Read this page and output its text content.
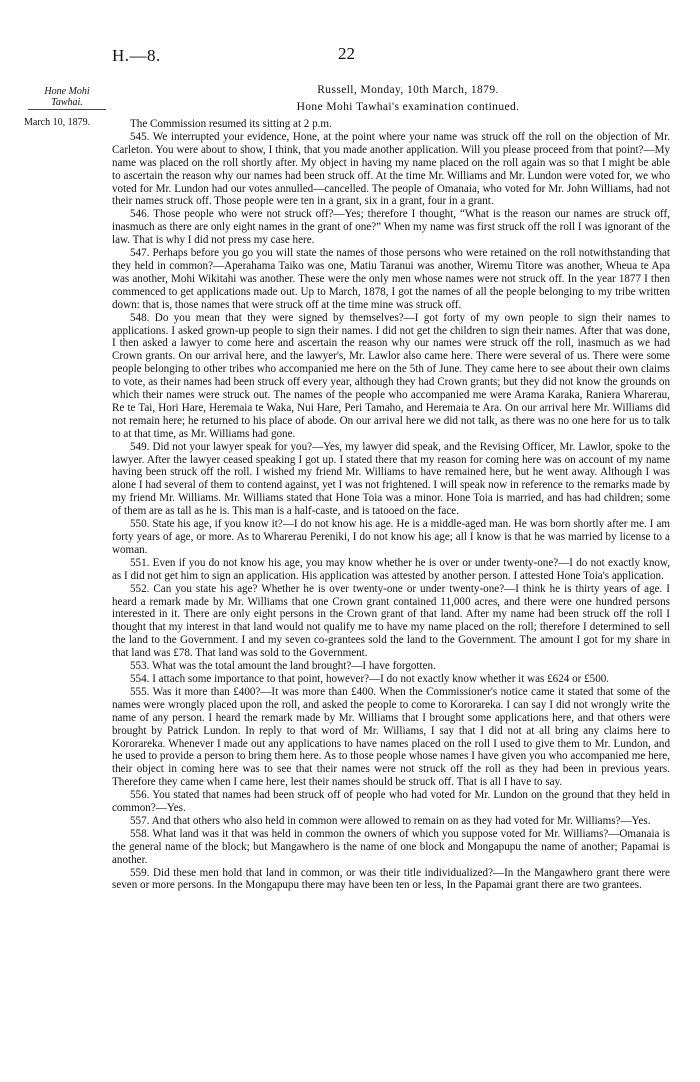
H.—8.	22
Hone Mohi Tawhai.
March 10, 1879.
Russell, Monday, 10th March, 1879.
Hone Mohi Tawhai's examination continued.

The Commission resumed its sitting at 2 p.m.

545. We interrupted your evidence, Hone, at the point where your name was struck off the roll on the objection of Mr. Carleton. You were about to show, I think, that you made another application. Will you please proceed from that point?—My name was placed on the roll shortly after. My object in having my name placed on the roll again was so that I might be able to ascertain the reason why our names had been struck off. At the time Mr. Williams and Mr. Lundon were voted for, we who voted for Mr. Lundon had our votes annulled—cancelled. The people of Omanaia, who voted for Mr. John Williams, had not their names struck off. Those people were ten in a grant, six in a grant, four in a grant.

546. Those people who were not struck off?—Yes; therefore I thought, “What is the reason our names are struck off, inasmuch as there are only eight names in the grant of one?” When my name was first struck off the roll I was ignorant of the law. That is why I did not press my case here.

547. Perhaps before you go you will state the names of those persons who were retained on the roll notwithstanding that they held in common?—Aperahama Taiko was one, Matiu Taranui was another, Wiremu Titore was another, Wheua te Apa was another, Mohi Wikitahi was another. These were the only men whose names were not struck off. In the year 1877 I then commenced to get applications made out. Up to March, 1878, I got the names of all the people belonging to my tribe written down: that is, those names that were struck off at the time mine was struck off.

548. Do you mean that they were signed by themselves?—I got forty of my own people to sign their names to applications. I asked grown-up people to sign their names. I did not get the children to sign their names. After that was done, I then asked a lawyer to come here and ascertain the reason why our names were struck off the roll, inasmuch as we had Crown grants. On our arrival here, and the lawyer's, Mr. Lawlor also came here. There were several of us. There were some people belonging to other tribes who accompanied me here on the 5th of June. They came here to see about their own claims to vote, as their names had been struck off every year, although they had Crown grants; but they did not know the grounds on which their names were struck out. The names of the people who accompanied me were Arama Karaka, Raniera Wharerau, Re te Tai, Hori Hare, Heremaia te Waka, Nui Hare, Peri Tamaho, and Heremaia te Ara. On our arrival here Mr. Williams did not remain here; he returned to his place of abode. On our arrival here we did not talk, as there was no one here for us to talk to at that time, as Mr. Williams had gone.

549. Did not your lawyer speak for you?—Yes, my lawyer did speak, and the Revising Officer, Mr. Lawlor, spoke to the lawyer. After the lawyer ceased speaking I got up. I stated there that my reason for coming here was on account of my name having been struck off the roll. I wished my friend Mr. Williams to have remained here, but he went away. Although I was alone I had several of them to contend against, yet I was not frightened. I will speak now in reference to the remarks made by my friend Mr. Williams. Mr. Williams stated that Hone Toia was a minor. Hone Toia is married, and has had children; some of them are as tall as he is. This man is a half-caste, and is tatooed on the face.

550. State his age, if you know it?—I do not know his age. He is a middle-aged man. He was born shortly after me. I am forty years of age, or more. As to Wharerau Pereniki, I do not know his age; all I know is that he was married by license to a woman.

551. Even if you do not know his age, you may know whether he is over or under twenty-one?—I do not exactly know, as I did not get him to sign an application. His application was attested by another person. I attested Hone Toia's application.

552. Can you state his age? Whether he is over twenty-one or under twenty-one?—I think he is thirty years of age. I heard a remark made by Mr. Williams that one Crown grant contained 11,000 acres, and there were one hundred persons interested in it. There are only eight persons in the Crown grant of that land. After my name had been struck off the roll I thought that my interest in that land would not qualify me to have my name placed on the roll; therefore I determined to sell the land to the Government. I and my seven co-grantees sold the land to the Government. The amount I got for my share in that land was £78. That land was sold to the Government.

553. What was the total amount the land brought?—I have forgotten.

554. I attach some importance to that point, however?—I do not exactly know whether it was £624 or £500.

555. Was it more than £400?—It was more than £400. When the Commissioner's notice came it stated that some of the names were wrongly placed upon the roll, and asked the people to come to Kororareka. I can say I did not wrongly write the name of any person. I heard the remark made by Mr. Williams that I brought some applications here, and that others were brought by Patrick Lundon. In reply to that word of Mr. Williams, I say that I did not at all bring any claims here to Kororareka. Whenever I made out any applications to have names placed on the roll I used to give them to Mr. Lundon, and he used to provide a person to bring them here. As to those people whose names I have given you who accompanied me here, their object in coming here was to see that their names were not struck off the roll as they had been in previous years. Therefore they came when I came here, lest their names should be struck off. That is all I have to say.

556. You stated that names had been struck off of people who had voted for Mr. Lundon on the ground that they held in common?—Yes.

557. And that others who also held in common were allowed to remain on as they had voted for Mr. Williams?—Yes.

558. What land was it that was held in common the owners of which you suppose voted for Mr. Williams?—Omanaia is the general name of the block; but Mangawhero is the name of one block and Mongapupu the name of another; Papamai is another.

559. Did these men hold that land in common, or was their title individualized?—In the Mangawhero grant there were seven or more persons. In the Mongapupu there may have been ten or less, In the Papamai grant there are two grantees.
